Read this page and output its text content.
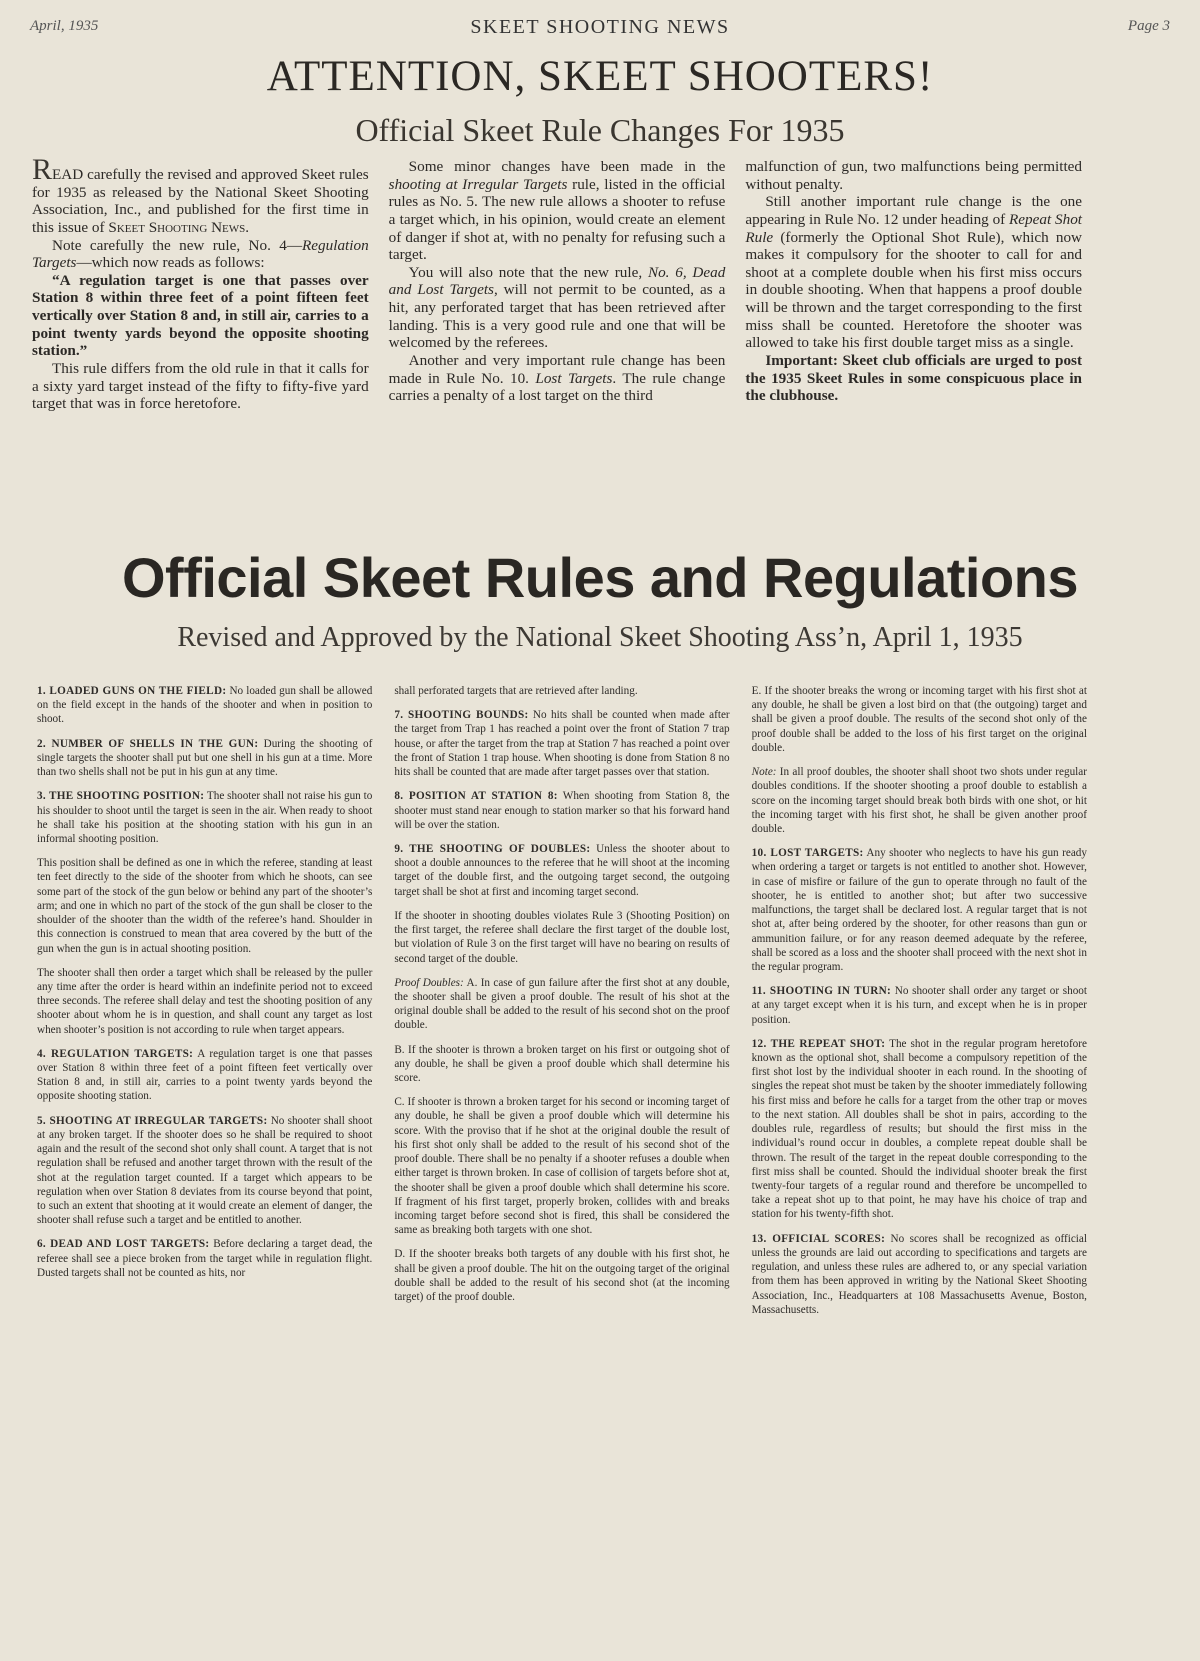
April, 1935	SKEET SHOOTING NEWS	Page 3
ATTENTION, SKEET SHOOTERS!
Official Skeet Rule Changes For 1935

READ carefully the revised and approved Skeet rules for 1935 as released by the National Skeet Shooting Association, Inc., and published for the first time in this issue of Skeet Shooting News.

Note carefully the new rule, No. 4—Regulation Targets—which now reads as follows:

“A regulation target is one that passes over Station 8 within three feet of a point fifteen feet vertically over Station 8 and, in still air, carries to a point twenty yards beyond the opposite shooting station.”

This rule differs from the old rule in that it calls for a sixty yard target instead of the fifty to fifty-five yard target that was in force heretofore.

Some minor changes have been made in the shooting at Irregular Targets rule, listed in the official rules as No. 5. The new rule allows a shooter to refuse a target which, in his opinion, would create an element of danger if shot at, with no penalty for refusing such a target.

You will also note that the new rule, No. 6, Dead and Lost Targets, will not permit to be counted, as a hit, any perforated target that has been retrieved after landing. This is a very good rule and one that will be welcomed by the referees.

Another and very important rule change has been made in Rule No. 10. Lost Targets. The rule change carries a penalty of a lost target on the third

malfunction of gun, two malfunctions being permitted without penalty.

Still another important rule change is the one appearing in Rule No. 12 under heading of Repeat Shot Rule (formerly the Optional Shot Rule), which now makes it compulsory for the shooter to call for and shoot at a complete double when his first miss occurs in double shooting. When that happens a proof double will be thrown and the target corresponding to the first miss shall be counted. Heretofore the shooter was allowed to take his first double target miss as a single.

Important: Skeet club officials are urged to post the 1935 Skeet Rules in some conspicuous place in the clubhouse.

Official Skeet Rules and Regulations
Revised and Approved by the National Skeet Shooting Ass’n, April 1, 1935

1. LOADED GUNS ON THE FIELD: No loaded gun shall be allowed on the field except in the hands of the shooter and when in position to shoot.

2. NUMBER OF SHELLS IN THE GUN: During the shooting of single targets the shooter shall put but one shell in his gun at a time. More than two shells shall not be put in his gun at any time.

3. THE SHOOTING POSITION: The shooter shall not raise his gun to his shoulder to shoot until the target is seen in the air. When ready to shoot he shall take his position at the shooting station with his gun in an informal shooting position.

This position shall be defined as one in which the referee, standing at least ten feet directly to the side of the shooter from which he shoots, can see some part of the stock of the gun below or behind any part of the shooter’s arm; and one in which no part of the stock of the gun shall be closer to the shoulder of the shooter than the width of the referee’s hand. Shoulder in this connection is construed to mean that area covered by the butt of the gun when the gun is in actual shooting position.

The shooter shall then order a target which shall be released by the puller any time after the order is heard within an indefinite period not to exceed three seconds. The referee shall delay and test the shooting position of any shooter about whom he is in question, and shall count any target as lost when shooter’s position is not according to rule when target appears.

4. REGULATION TARGETS: A regulation target is one that passes over Station 8 within three feet of a point fifteen feet vertically over Station 8 and, in still air, carries to a point twenty yards beyond the opposite shooting station.

5. SHOOTING AT IRREGULAR TARGETS: No shooter shall shoot at any broken target. If the shooter does so he shall be required to shoot again and the result of the second shot only shall count. A target that is not regulation shall be refused and another target thrown with the result of the shot at the regulation target counted. If a target which appears to be regulation when over Station 8 deviates from its course beyond that point, to such an extent that shooting at it would create an element of danger, the shooter shall refuse such a target and be entitled to another.

6. DEAD AND LOST TARGETS: Before declaring a target dead, the referee shall see a piece broken from the target while in regulation flight. Dusted targets shall not be counted as hits, nor

shall perforated targets that are retrieved after landing.

7. SHOOTING BOUNDS: No hits shall be counted when made after the target from Trap 1 has reached a point over the front of Station 7 trap house, or after the target from the trap at Station 7 has reached a point over the front of Station 1 trap house. When shooting is done from Station 8 no hits shall be counted that are made after target passes over that station.

8. POSITION AT STATION 8: When shooting from Station 8, the shooter must stand near enough to station marker so that his forward hand will be over the station.

9. THE SHOOTING OF DOUBLES: Unless the shooter about to shoot a double announces to the referee that he will shoot at the incoming target of the double first, and the outgoing target second, the outgoing target shall be shot at first and incoming target second.

If the shooter in shooting doubles violates Rule 3 (Shooting Position) on the first target, the referee shall declare the first target of the double lost, but violation of Rule 3 on the first target will have no bearing on results of second target of the double.

Proof Doubles: A. In case of gun failure after the first shot at any double, the shooter shall be given a proof double. The result of his shot at the original double shall be added to the result of his second shot on the proof double.

B. If the shooter is thrown a broken target on his first or outgoing shot of any double, he shall be given a proof double which shall determine his score.

C. If shooter is thrown a broken target for his second or incoming target of any double, he shall be given a proof double which will determine his score. With the proviso that if he shot at the original double the result of his first shot only shall be added to the result of his second shot of the proof double. There shall be no penalty if a shooter refuses a double when either target is thrown broken. In case of collision of targets before shot at, the shooter shall be given a proof double which shall determine his score. If fragment of his first target, properly broken, collides with and breaks incoming target before second shot is fired, this shall be considered the same as breaking both targets with one shot.

D. If the shooter breaks both targets of any double with his first shot, he shall be given a proof double. The hit on the outgoing target of the original double shall be added to the result of his second shot (at the incoming target) of the proof double.

E. If the shooter breaks the wrong or incoming target with his first shot at any double, he shall be given a lost bird on that (the outgoing) target and shall be given a proof double. The results of the second shot only of the proof double shall be added to the loss of his first target on the original double.

Note: In all proof doubles, the shooter shall shoot two shots under regular doubles conditions. If the shooter shooting a proof double to establish a score on the incoming target should break both birds with one shot, or hit the incoming target with his first shot, he shall be given another proof double.

10. LOST TARGETS: Any shooter who neglects to have his gun ready when ordering a target or targets is not entitled to another shot. However, in case of misfire or failure of the gun to operate through no fault of the shooter, he is entitled to another shot; but after two successive malfunctions, the target shall be declared lost. A regular target that is not shot at, after being ordered by the shooter, for other reasons than gun or ammunition failure, or for any reason deemed adequate by the referee, shall be scored as a loss and the shooter shall proceed with the next shot in the regular program.

11. SHOOTING IN TURN: No shooter shall order any target or shoot at any target except when it is his turn, and except when he is in proper position.

12. THE REPEAT SHOT: The shot in the regular program heretofore known as the optional shot, shall become a compulsory repetition of the first shot lost by the individual shooter in each round. In the shooting of singles the repeat shot must be taken by the shooter immediately following his first miss and before he calls for a target from the other trap or moves to the next station. All doubles shall be shot in pairs, according to the doubles rule, regardless of results; but should the first miss in the individual’s round occur in doubles, a complete repeat double shall be thrown. The result of the target in the repeat double corresponding to the first miss shall be counted. Should the individual shooter break the first twenty-four targets of a regular round and therefore be uncompelled to take a repeat shot up to that point, he may have his choice of trap and station for his twenty-fifth shot.

13. OFFICIAL SCORES: No scores shall be recognized as official unless the grounds are laid out according to specifications and targets are regulation, and unless these rules are adhered to, or any special variation from them has been approved in writing by the National Skeet Shooting Association, Inc., Headquarters at 108 Massachusetts Avenue, Boston, Massachusetts.
